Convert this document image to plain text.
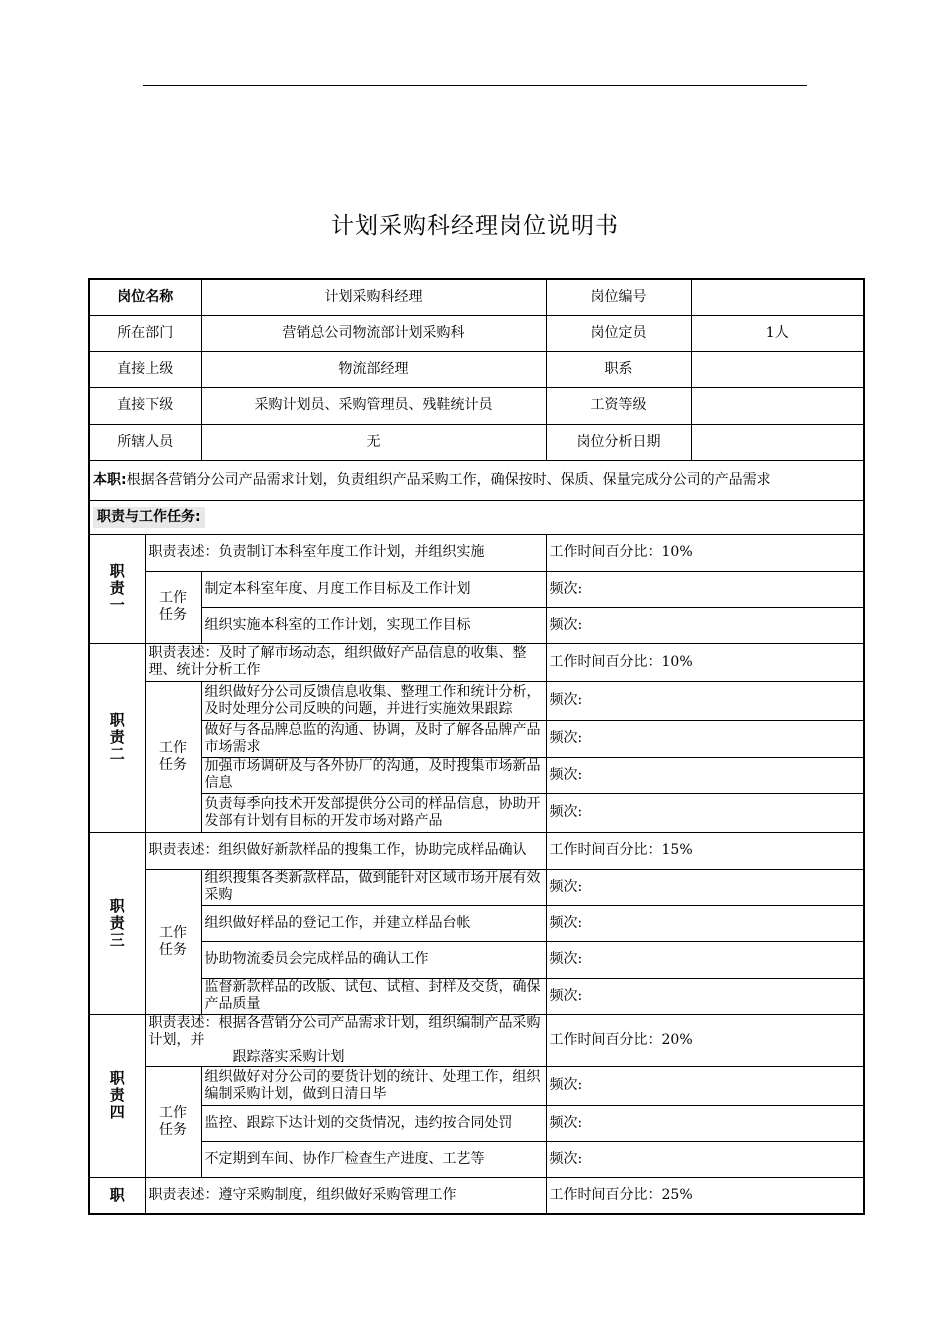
计划采购科经理岗位说明书
岗位名称		计划采购科经理	岗位编号	
所在部门		营销总公司物流部计划采购科	岗位定员	1人
直接上级		物流部经理	职系	
直接下级		采购计划员、采购管理员、残鞋统计员	工资等级	
所辖人员		无	岗位分析日期	
本职:根据各营销分公司产品需求计划，负责组织产品采购工作，确保按时、保质、保量完成分公司的产品需求				
职责与工作任务:				
职责一	职责表述：负责制订本科室年度工作计划，并组织实施		工作时间百分比：10%	
	工作任务	制定本科室年度、月度工作目标及工作计划	频次:	
		组织实施本科室的工作计划，实现工作目标	频次:	
职责二	职责表述：及时了解市场动态，组织做好产品信息的收集、整理、统计分析工作		工作时间百分比：10%	
	工作任务	组织做好分公司反馈信息收集、整理工作和统计分析，及时处理分公司反映的问题，并进行实施效果跟踪	频次:	
		做好与各品牌总监的沟通、协调，及时了解各品牌产品市场需求	频次:	
		加强市场调研及与各外协厂的沟通，及时搜集市场新品信息	频次:	
		负责每季向技术开发部提供分公司的样品信息，协助开发部有计划有目标的开发市场对路产品	频次:	
职责三	职责表述：组织做好新款样品的搜集工作，协助完成样品确认		工作时间百分比：15%	
	工作任务	组织搜集各类新款样品，做到能针对区域市场开展有效采购	频次:	
		组织做好样品的登记工作，并建立样品台帐	频次:	
		协助物流委员会完成样品的确认工作	频次:	
		监督新款样品的改版、试包、试楦、封样及交货，确保产品质量	频次:	
职责四	职责表述：根据各营销分公司产品需求计划，组织编制产品采购计划，并
跟踪落实采购计划		工作时间百分比：20%	
	工作任务	组织做好对分公司的要货计划的统计、处理工作，组织编制采购计划，做到日清日毕	频次:	
		监控、跟踪下达计划的交货情况，违约按合同处罚	频次:	
		不定期到车间、协作厂检查生产进度、工艺等	频次:	
职	职责表述：遵守采购制度，组织做好采购管理工作		工作时间百分比：25%	
